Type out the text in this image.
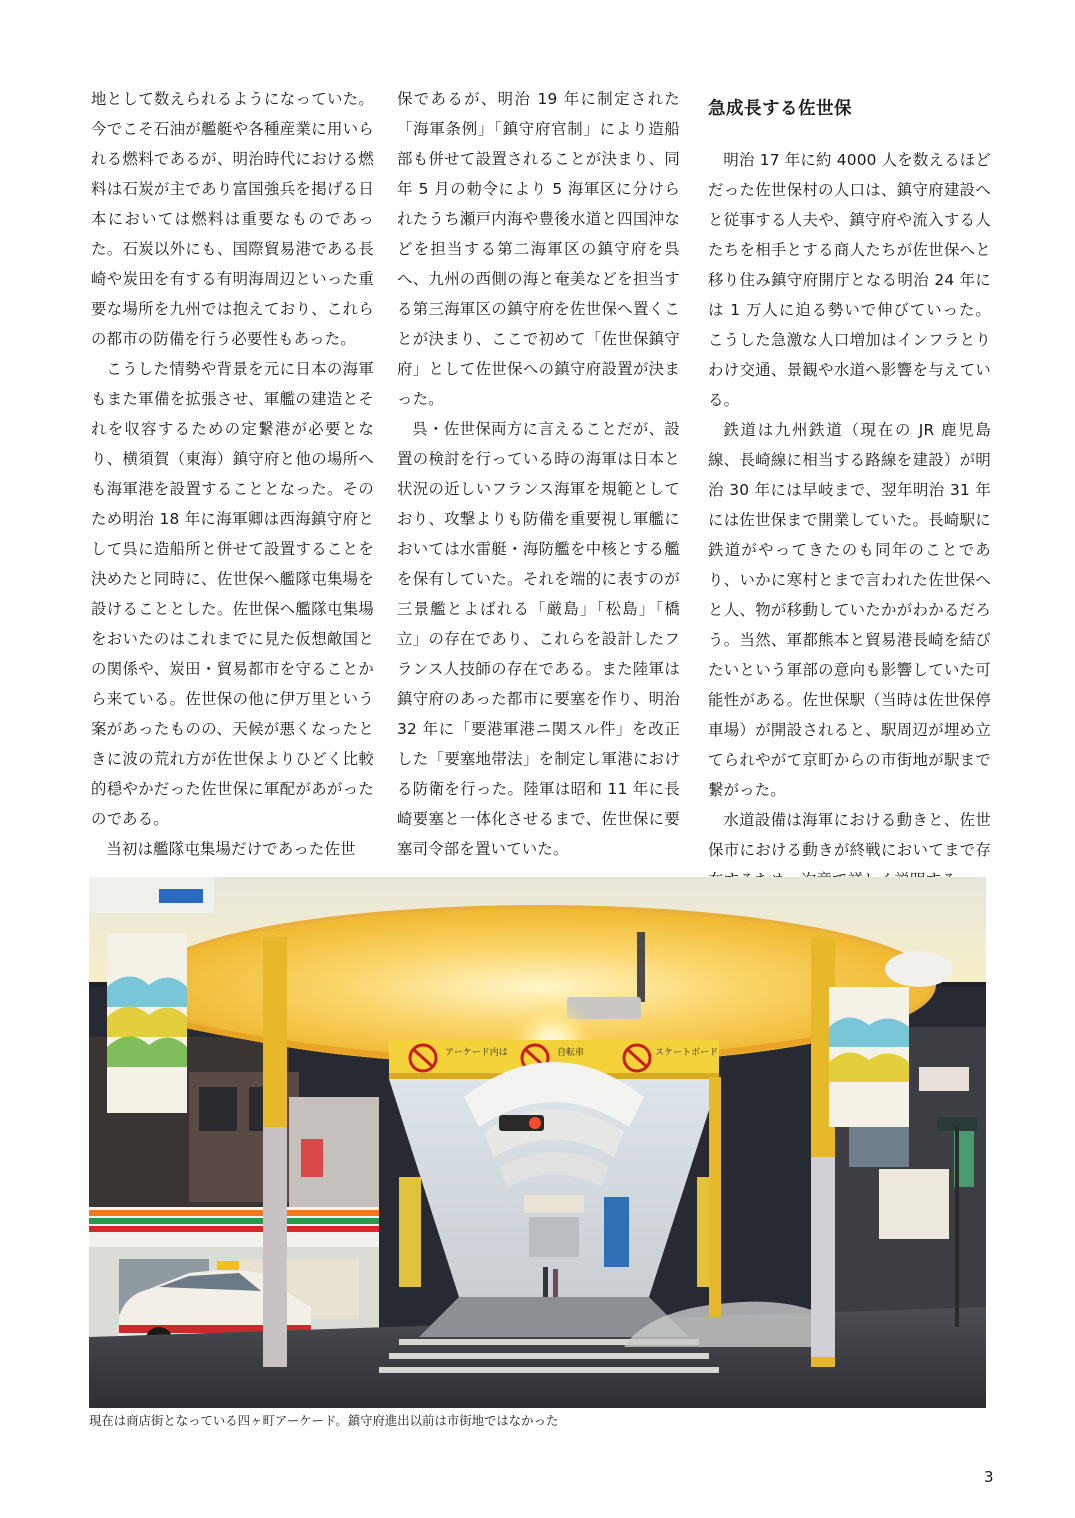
地として数えられるようになっていた。今でこそ石油が艦艇や各種産業に用いられる燃料であるが、明治時代における燃料は石炭が主であり富国強兵を掲げる日本においては燃料は重要なものであった。石炭以外にも、国際貿易港である長崎や炭田を有する有明海周辺といった重要な場所を九州では抱えており、これらの都市の防備を行う必要性もあった。

こうした情勢や背景を元に日本の海軍もまた軍備を拡張させ、軍艦の建造とそれを収容するための定繋港が必要となり、横須賀（東海）鎮守府と他の場所へも海軍港を設置することとなった。そのため明治 18 年に海軍卿は西海鎮守府として呉に造船所と併せて設置することを決めたと同時に、佐世保へ艦隊屯集場を設けることとした。佐世保へ艦隊屯集場をおいたのはこれまでに見た仮想敵国との関係や、炭田・貿易都市を守ることから来ている。佐世保の他に伊万里という案があったものの、天候が悪くなったときに波の荒れ方が佐世保よりひどく比較的穏やかだった佐世保に軍配があがったのである。

当初は艦隊屯集場だけであった佐世

保であるが、明治 19 年に制定された「海軍条例」「鎮守府官制」により造船部も併せて設置されることが決まり、同年 5 月の勅令により 5 海軍区に分けられたうち瀬戸内海や豊後水道と四国沖などを担当する第二海軍区の鎮守府を呉へ、九州の西側の海と奄美などを担当する第三海軍区の鎮守府を佐世保へ置くことが決まり、ここで初めて「佐世保鎮守府」として佐世保への鎮守府設置が決まった。

呉・佐世保両方に言えることだが、設置の検討を行っている時の海軍は日本と状況の近しいフランス海軍を規範としており、攻撃よりも防備を重要視し軍艦においては水雷艇・海防艦を中核とする艦を保有していた。それを端的に表すのが三景艦とよばれる「厳島」「松島」「橋立」の存在であり、これらを設計したフランス人技師の存在である。また陸軍は鎮守府のあった都市に要塞を作り、明治 32 年に「要港軍港ニ関スル件」を改正した「要塞地帯法」を制定し軍港における防衛を行った。陸軍は昭和 11 年に長崎要塞と一体化させるまで、佐世保に要塞司令部を置いていた。

急成長する佐世保

明治 17 年に約 4000 人を数えるほどだった佐世保村の人口は、鎮守府建設へと従事する人夫や、鎮守府や流入する人たちを相手とする商人たちが佐世保へと移り住み鎮守府開庁となる明治 24 年には 1 万人に迫る勢いで伸びていった。こうした急激な人口増加はインフラとりわけ交通、景観や水道へ影響を与えている。

鉄道は九州鉄道（現在の JR 鹿児島線、長崎線に相当する路線を建設）が明治 30 年には早岐まで、翌年明治 31 年には佐世保まで開業していた。長崎駅に鉄道がやってきたのも同年のことであり、いかに寒村とまで言われた佐世保へと人、物が移動していたかがわかるだろう。当然、軍都熊本と貿易港長崎を結びたいという軍部の意向も影響していた可能性がある。佐世保駅（当時は佐世保停車場）が開設されると、駅周辺が埋め立てられやがて京町からの市街地が駅まで繋がった。

水道設備は海軍における動きと、佐世保市における動きが終戦においてまで存

アーケード内は	自転車	スケートボード
現在は商店街となっている四ヶ町アーケード。鎮守府進出以前は市街地ではなかった
3
